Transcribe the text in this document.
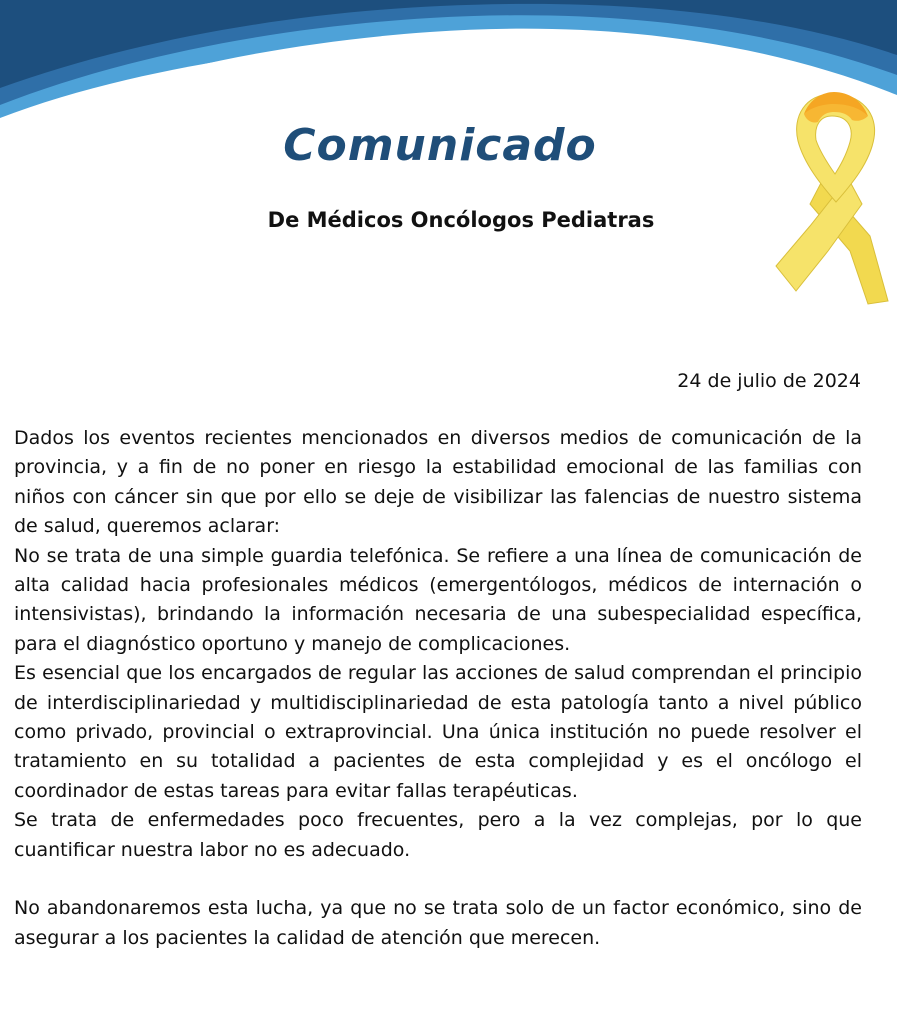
Comunicado
De Médicos Oncólogos Pediatras
24 de julio de 2024

Dados los eventos recientes mencionados en diversos medios de comunicación de la provincia, y a fin de no poner en riesgo la estabilidad emocional de las familias con niños con cáncer sin que por ello se deje de visibilizar las falencias de nuestro sistema de salud, queremos aclarar:

No se trata de una simple guardia telefónica. Se refiere a una línea de comunicación de alta calidad hacia profesionales médicos (emergentólogos, médicos de internación o intensivistas), brindando la información necesaria de una subespecialidad específica, para el diagnóstico oportuno y manejo de complicaciones.

Es esencial que los encargados de regular las acciones de salud comprendan el principio de interdisciplinariedad y multidisciplinariedad de esta patología tanto a nivel público como privado, provincial o extraprovincial. Una única institución no puede resolver el tratamiento en su totalidad a pacientes de esta complejidad y es el oncólogo el coordinador de estas tareas para evitar fallas terapéuticas.

Se trata de enfermedades poco frecuentes, pero a la vez complejas, por lo que cuantificar nuestra labor no es adecuado.

No abandonaremos esta lucha, ya que no se trata solo de un factor económico, sino de asegurar a los pacientes la calidad de atención que merecen.
